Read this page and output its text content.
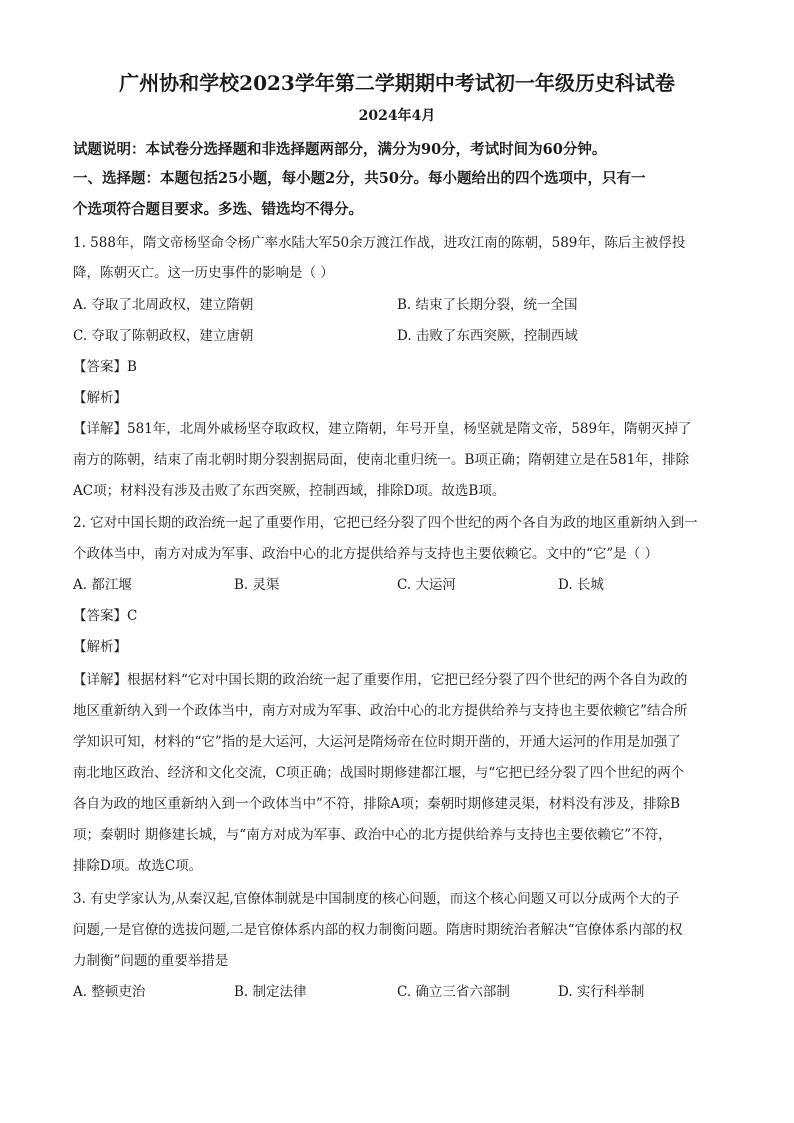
广州协和学校2023学年第二学期期中考试初一年级历史科试卷
2024年4月
试题说明：本试卷分选择题和非选择题两部分，满分为90分，考试时间为60分钟。
一、选择题：本题包括25小题，每小题2分，共50分。每小题给出的四个选项中，只有一
个选项符合题目要求。多选、错选均不得分。
1. 588年，隋文帝杨坚命令杨广率水陆大军50余万渡江作战，进攻江南的陈朝，589年，陈后主被俘投
降，陈朝灭亡。这一历史事件的影响是（ ）
A. 夺取了北周政权，建立隋朝	B. 结束了长期分裂，统一全国
C. 夺取了陈朝政权，建立唐朝	D. 击败了东西突厥，控制西域
【答案】B
【解析】
【详解】581年，北周外戚杨坚夺取政权，建立隋朝，年号开皇，杨坚就是隋文帝，589年，隋朝灭掉了
南方的陈朝，结束了南北朝时期分裂割据局面，使南北重归统一。B项正确；隋朝建立是在581年，排除
AC项；材料没有涉及击败了东西突厥，控制西域，排除D项。故选B项。
2. 它对中国长期的政治统一起了重要作用，它把已经分裂了四个世纪的两个各自为政的地区重新纳入到一
个政体当中，南方对成为军事、政治中心的北方提供给养与支持也主要依赖它。文中的“它”是（ ）
A. 都江堰	B. 灵渠	C. 大运河	D. 长城
【答案】C
【解析】
【详解】根据材料“它对中国长期的政治统一起了重要作用，它把已经分裂了四个世纪的两个各自为政的
地区重新纳入到一个政体当中，南方对成为军事、政治中心的北方提供给养与支持也主要依赖它”结合所
学知识可知，材料的“它”指的是大运河，大运河是隋炀帝在位时期开凿的，开通大运河的作用是加强了
南北地区政治、经济和文化交流，C项正确；战国时期修建都江堰，与“它把已经分裂了四个世纪的两个
各自为政的地区重新纳入到一个政体当中”不符，排除A项；秦朝时期修建灵渠，材料没有涉及，排除B
项；秦朝时 期修建长城，与“南方对成为军事、政治中心的北方提供给养与支持也主要依赖它”不符，
排除D项。故选C项。
3. 有史学家认为,从秦汉起,官僚体制就是中国制度的核心问题，而这个核心问题又可以分成两个大的子
问题,一是官僚的选拔问题,二是官僚体系内部的权力制衡问题。隋唐时期统治者解决“官僚体系内部的权
力制衡”问题的重要举措是
A. 整顿吏治	B. 制定法律	C. 确立三省六部制	D. 实行科举制
